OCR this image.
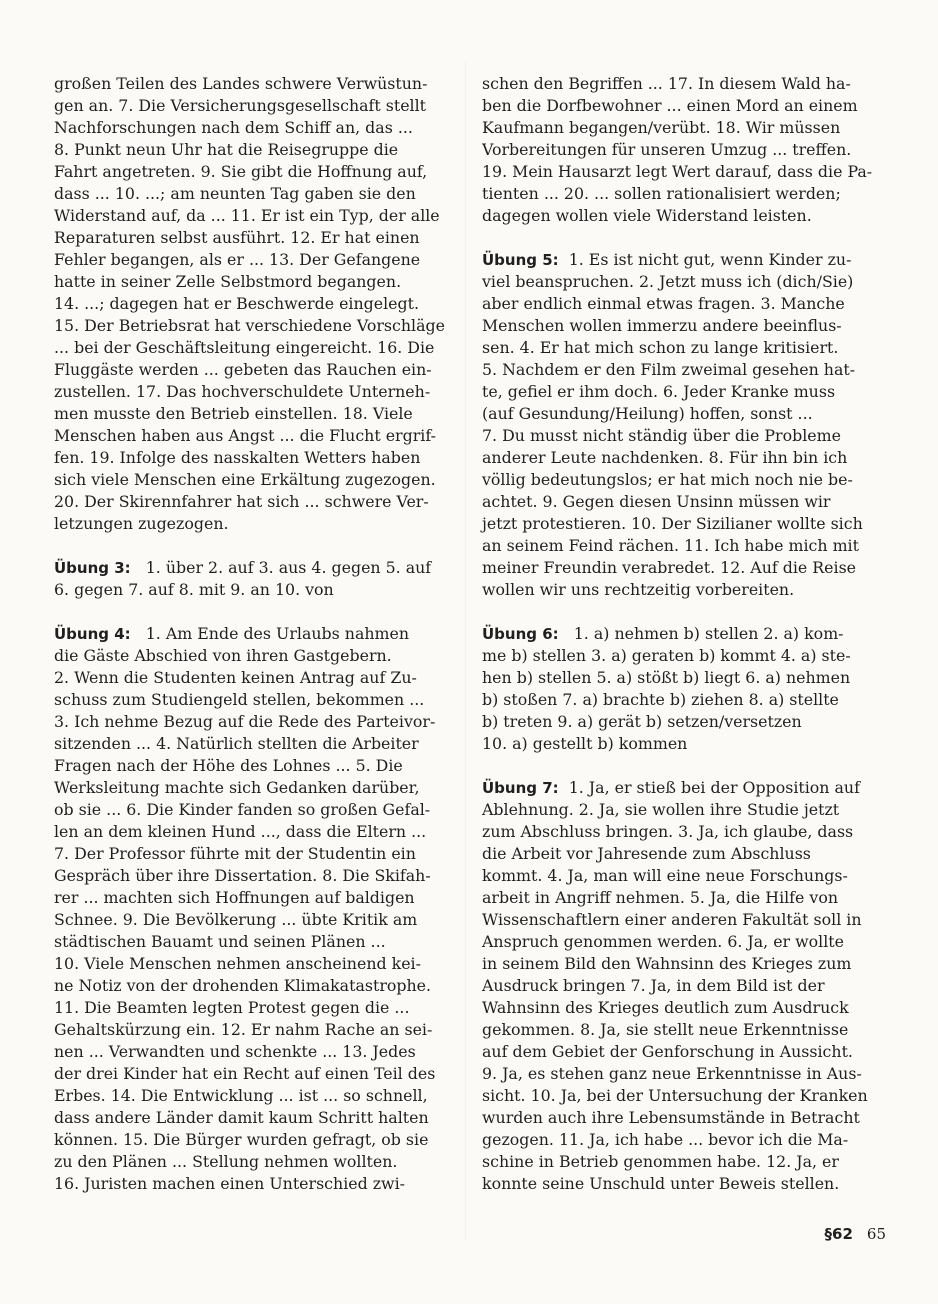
großen Teilen des Landes schwere Verwüstun-
gen an. 7. Die Versicherungsgesellschaft stellt
Nachforschungen nach dem Schiff an, das ...
8. Punkt neun Uhr hat die Reisegruppe die
Fahrt angetreten. 9. Sie gibt die Hoffnung auf,
dass ... 10. ...; am neunten Tag gaben sie den
Widerstand auf, da ... 11. Er ist ein Typ, der alle
Reparaturen selbst ausführt. 12. Er hat einen
Fehler begangen, als er ... 13. Der Gefangene
hatte in seiner Zelle Selbstmord begangen.
14. ...; dagegen hat er Beschwerde eingelegt.
15. Der Betriebsrat hat verschiedene Vorschläge
... bei der Geschäftsleitung eingereicht. 16. Die
Fluggäste werden ... gebeten das Rauchen ein-
zustellen. 17. Das hochverschuldete Unterneh-
men musste den Betrieb einstellen. 18. Viele
Menschen haben aus Angst ... die Flucht ergrif-
fen. 19. Infolge des nasskalten Wetters haben
sich viele Menschen eine Erkältung zugezogen.
20. Der Skirennfahrer hat sich ... schwere Ver-
letzungen zugezogen.
Übung 3: 1. über 2. auf 3. aus 4. gegen 5. auf
6. gegen 7. auf 8. mit 9. an 10. von
Übung 4: 1. Am Ende des Urlaubs nahmen
die Gäste Abschied von ihren Gastgebern.
2. Wenn die Studenten keinen Antrag auf Zu-
schuss zum Studiengeld stellen, bekommen ...
3. Ich nehme Bezug auf die Rede des Parteivor-
sitzenden ... 4. Natürlich stellten die Arbeiter
Fragen nach der Höhe des Lohnes ... 5. Die
Werksleitung machte sich Gedanken darüber,
ob sie ... 6. Die Kinder fanden so großen Gefal-
len an dem kleinen Hund ..., dass die Eltern ...
7. Der Professor führte mit der Studentin ein
Gespräch über ihre Dissertation. 8. Die Skifah-
rer ... machten sich Hoffnungen auf baldigen
Schnee. 9. Die Bevölkerung ... übte Kritik am
städtischen Bauamt und seinen Plänen ...
10. Viele Menschen nehmen anscheinend kei-
ne Notiz von der drohenden Klimakatastrophe.
11. Die Beamten legten Protest gegen die ...
Gehaltskürzung ein. 12. Er nahm Rache an sei-
nen ... Verwandten und schenkte ... 13. Jedes
der drei Kinder hat ein Recht auf einen Teil des
Erbes. 14. Die Entwicklung ... ist ... so schnell,
dass andere Länder damit kaum Schritt halten
können. 15. Die Bürger wurden gefragt, ob sie
zu den Plänen ... Stellung nehmen wollten.
16. Juristen machen einen Unterschied zwi-
schen den Begriffen ... 17. In diesem Wald ha-
ben die Dorfbewohner ... einen Mord an einem
Kaufmann begangen/verübt. 18. Wir müssen
Vorbereitungen für unseren Umzug ... treffen.
19. Mein Hausarzt legt Wert darauf, dass die Pa-
tienten ... 20. ... sollen rationalisiert werden;
dagegen wollen viele Widerstand leisten.
Übung 5: 1. Es ist nicht gut, wenn Kinder zu-
viel beanspruchen. 2. Jetzt muss ich (dich/Sie)
aber endlich einmal etwas fragen. 3. Manche
Menschen wollen immerzu andere beeinflus-
sen. 4. Er hat mich schon zu lange kritisiert.
5. Nachdem er den Film zweimal gesehen hat-
te, gefiel er ihm doch. 6. Jeder Kranke muss
(auf Gesundung/Heilung) hoffen, sonst ...
7. Du musst nicht ständig über die Probleme
anderer Leute nachdenken. 8. Für ihn bin ich
völlig bedeutungslos; er hat mich noch nie be-
achtet. 9. Gegen diesen Unsinn müssen wir
jetzt protestieren. 10. Der Sizilianer wollte sich
an seinem Feind rächen. 11. Ich habe mich mit
meiner Freundin verabredet. 12. Auf die Reise
wollen wir uns rechtzeitig vorbereiten.
Übung 6: 1. a) nehmen b) stellen 2. a) kom-
me b) stellen 3. a) geraten b) kommt 4. a) ste-
hen b) stellen 5. a) stößt b) liegt 6. a) nehmen
b) stoßen 7. a) brachte b) ziehen 8. a) stellte
b) treten 9. a) gerät b) setzen/versetzen
10. a) gestellt b) kommen
Übung 7: 1. Ja, er stieß bei der Opposition auf
Ablehnung. 2. Ja, sie wollen ihre Studie jetzt
zum Abschluss bringen. 3. Ja, ich glaube, dass
die Arbeit vor Jahresende zum Abschluss
kommt. 4. Ja, man will eine neue Forschungs-
arbeit in Angriff nehmen. 5. Ja, die Hilfe von
Wissenschaftlern einer anderen Fakultät soll in
Anspruch genommen werden. 6. Ja, er wollte
in seinem Bild den Wahnsinn des Krieges zum
Ausdruck bringen 7. Ja, in dem Bild ist der
Wahnsinn des Krieges deutlich zum Ausdruck
gekommen. 8. Ja, sie stellt neue Erkenntnisse
auf dem Gebiet der Genforschung in Aussicht.
9. Ja, es stehen ganz neue Erkenntnisse in Aus-
sicht. 10. Ja, bei der Untersuchung der Kranken
wurden auch ihre Lebensumstände in Betracht
gezogen. 11. Ja, ich habe ... bevor ich die Ma-
schine in Betrieb genommen habe. 12. Ja, er
konnte seine Unschuld unter Beweis stellen.
§62 65
